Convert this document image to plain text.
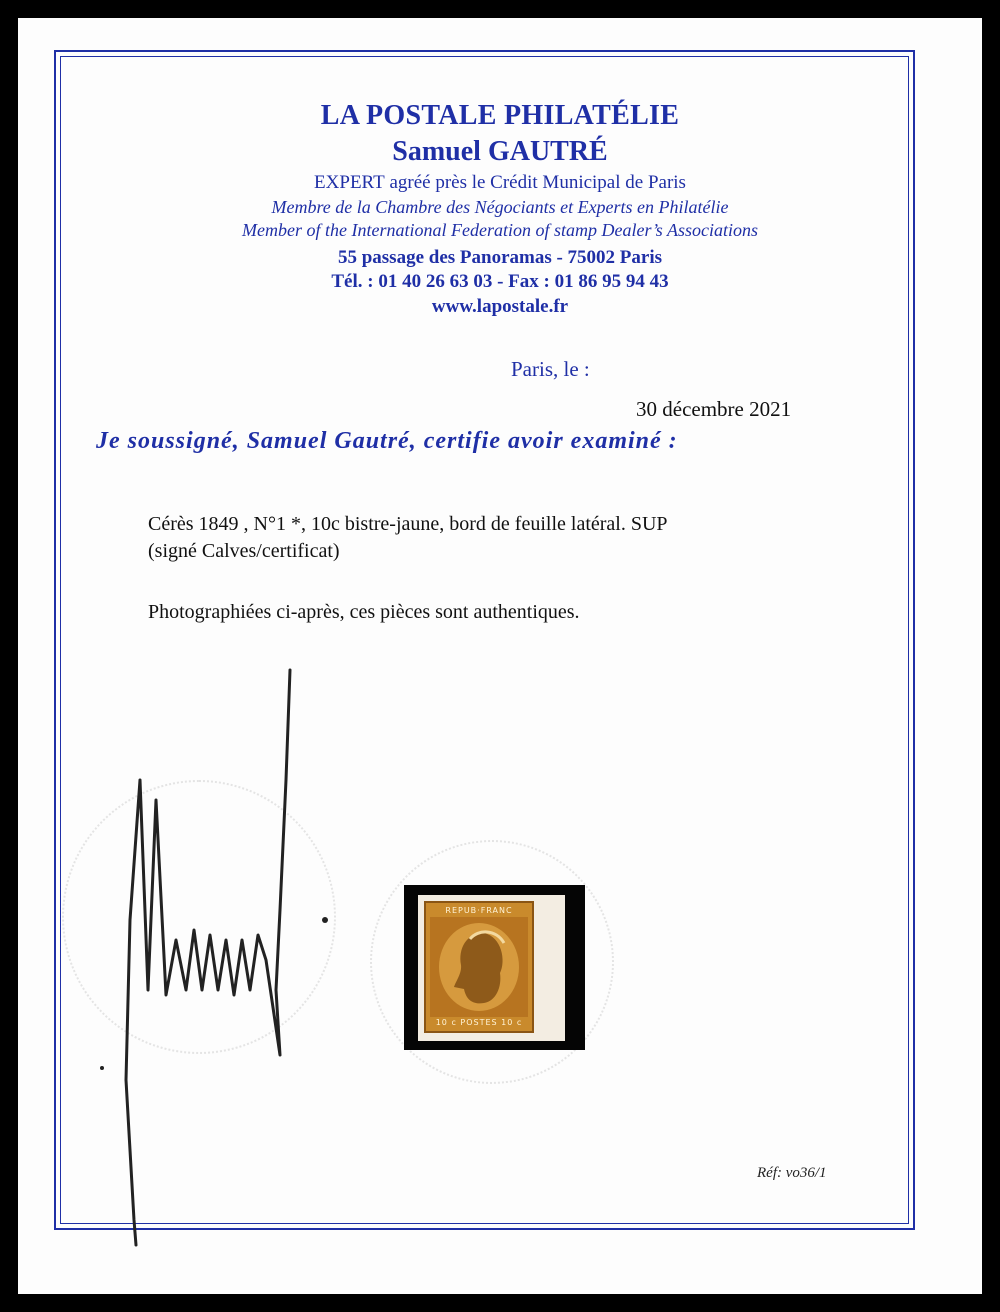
LA POSTALE PHILATÉLIE
Samuel GAUTRÉ
EXPERT agréé près le Crédit Municipal de Paris
Membre de la Chambre des Négociants et Experts en Philatélie
Member of the International Federation of stamp Dealer’s Associations
55 passage des Panoramas - 75002 Paris
Tél. : 01 40 26 63 03 - Fax : 01 86 95 94 43
www.lapostale.fr
Paris, le :
30 décembre 2021
Je soussigné, Samuel Gautré, certifie avoir examiné :
Cérès 1849 , N°1 *, 10c bistre-jaune, bord de feuille latéral. SUP
(signé Calves/certificat)
Photographiées ci-après, ces pièces sont authentiques.
REPUB·FRANC
10 c POSTES 10 c
Réf: vo36/1
